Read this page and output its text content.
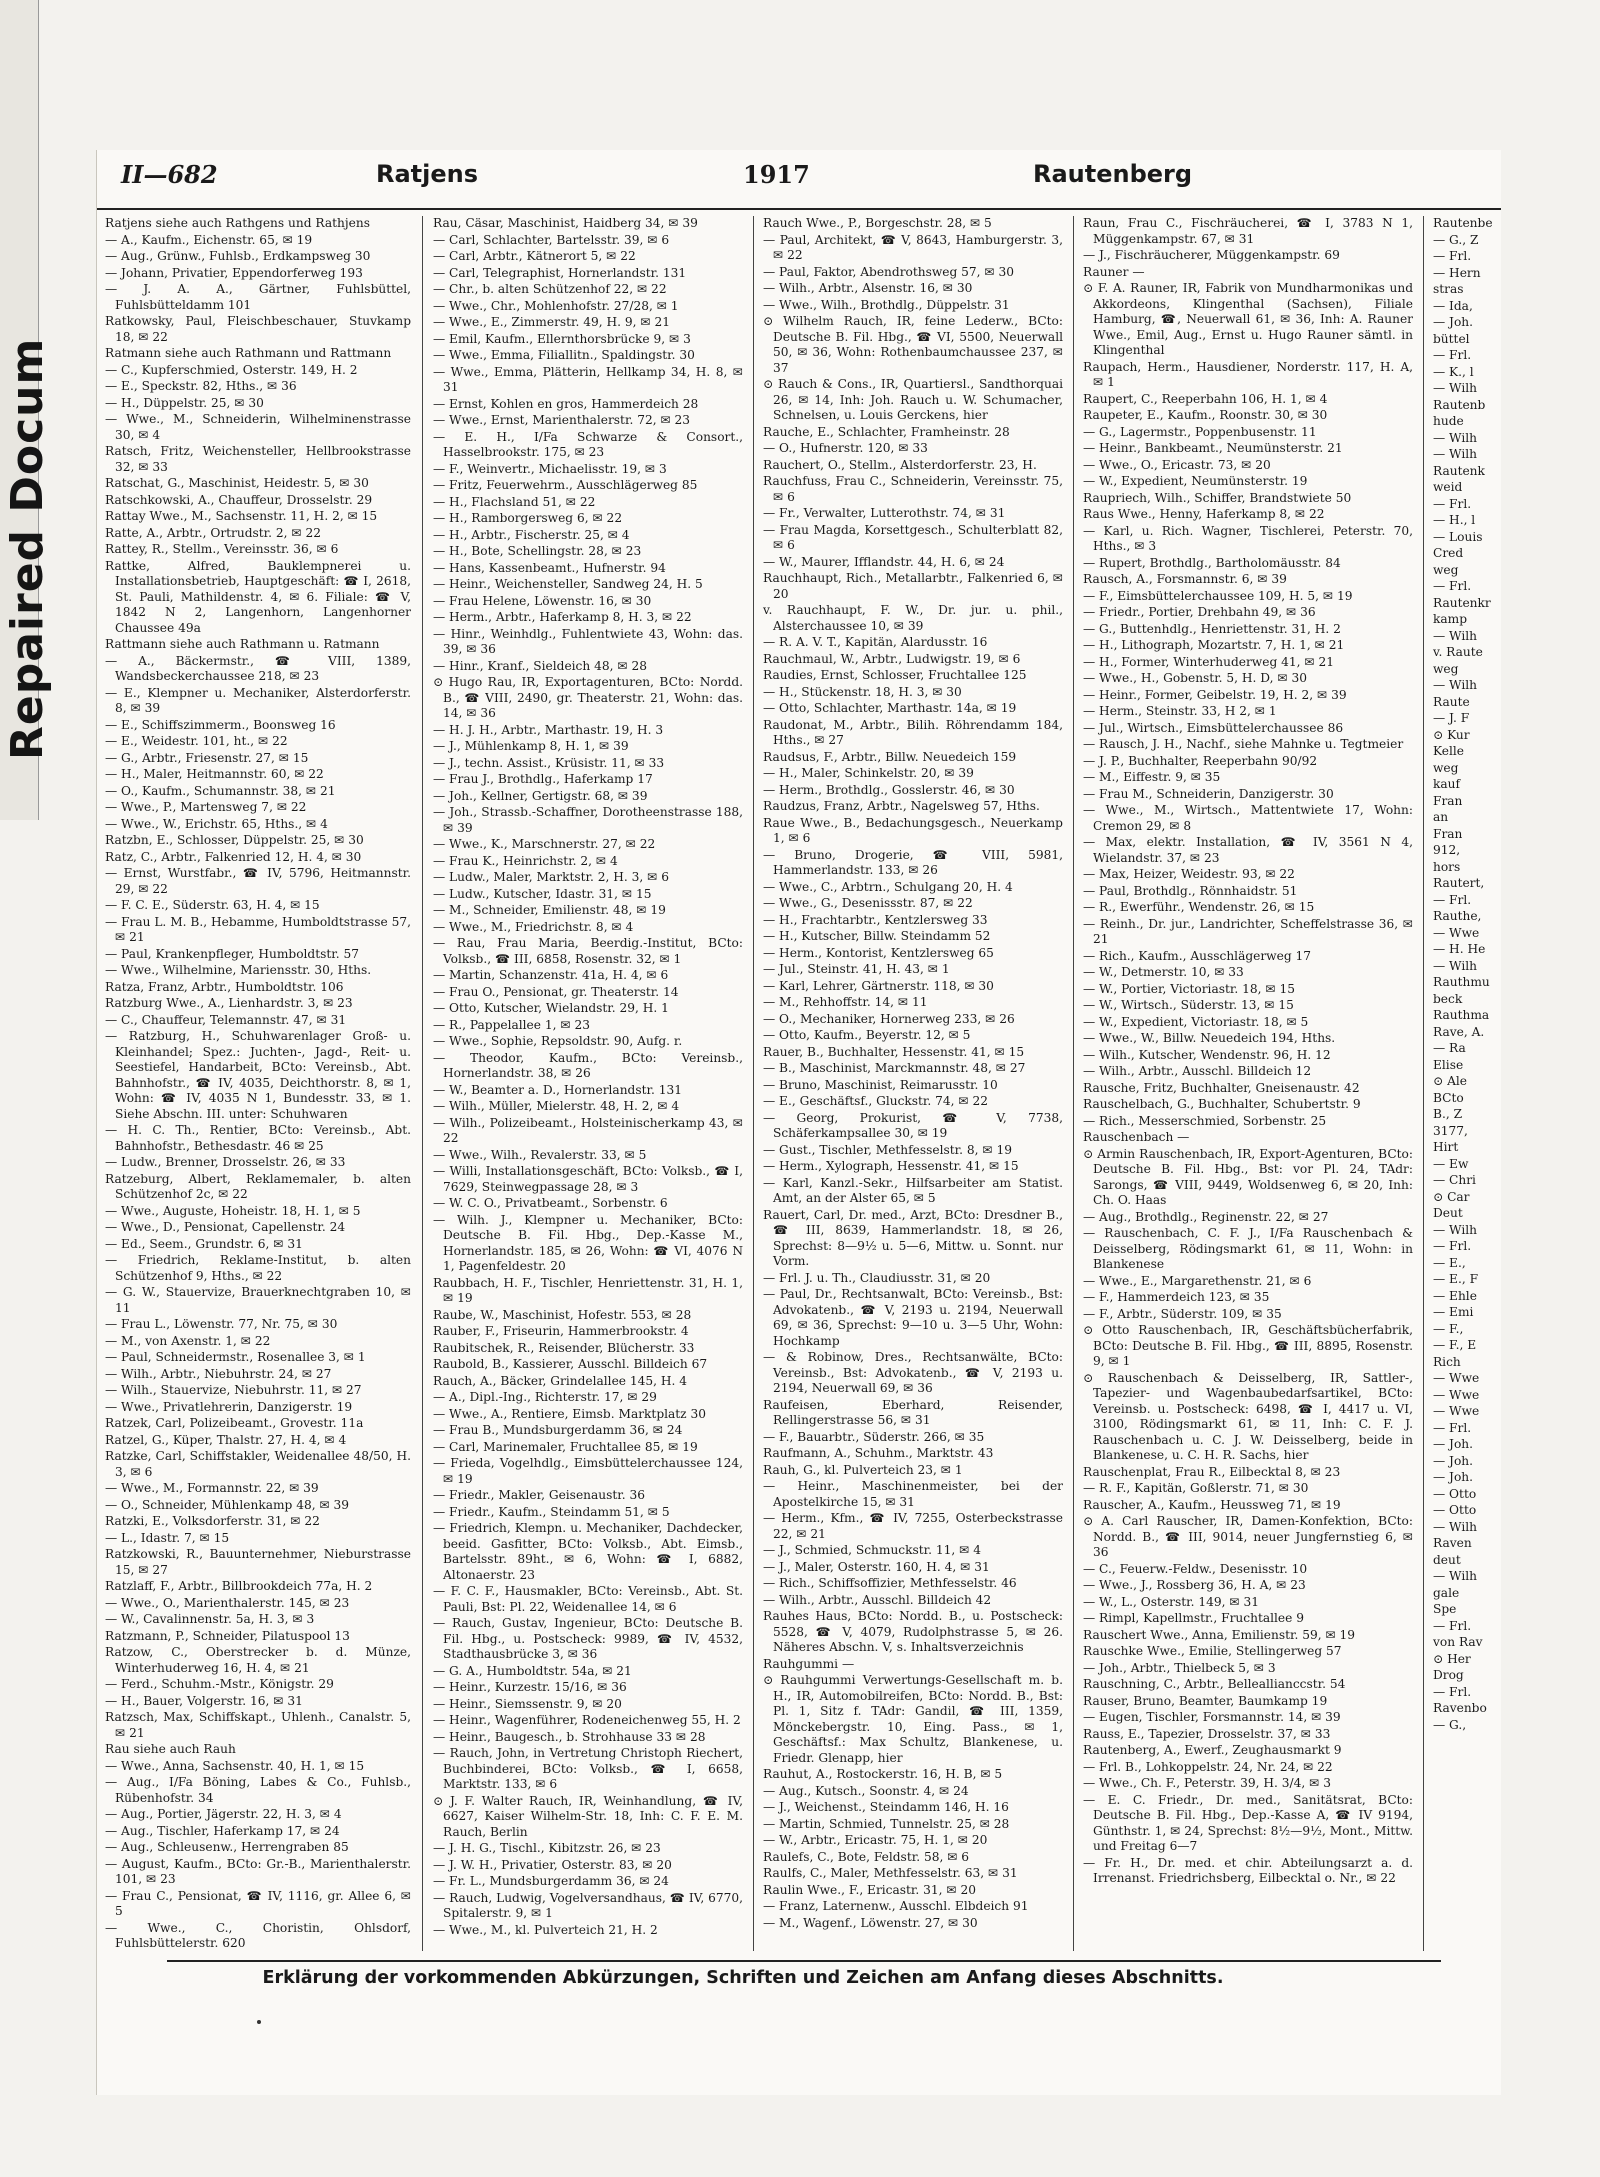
Repaired Docum
II—682	Ratjens	1917	Rautenberg
Ratjens siehe auch Rathgens und Rathjens
— A., Kaufm., Eichenstr. 65, ✉ 19
— Aug., Grünw., Fuhlsb., Erdkampsweg 30
— Johann, Privatier, Eppendorferweg 193
— J. A. A., Gärtner, Fuhlsbüttel, Fuhlsbütteldamm 101
Ratkowsky, Paul, Fleischbeschauer, Stuvkamp 18, ✉ 22
Ratmann siehe auch Rathmann und Rattmann
— C., Kupferschmied, Osterstr. 149, H. 2
— E., Speckstr. 82, Hths., ✉ 36
— H., Düppelstr. 25, ✉ 30
— Wwe., M., Schneiderin, Wilhelminenstrasse 30, ✉ 4
Ratsch, Fritz, Weichensteller, Hellbrookstrasse 32, ✉ 33
Ratschat, G., Maschinist, Heidestr. 5, ✉ 30
Ratschkowski, A., Chauffeur, Drosselstr. 29
Rattay Wwe., M., Sachsenstr. 11, H. 2, ✉ 15
Ratte, A., Arbtr., Ortrudstr. 2, ✉ 22
Rattey, R., Stellm., Vereinsstr. 36, ✉ 6
Rattke, Alfred, Bauklempnerei u. Installationsbetrieb, Hauptgeschäft: ☎ I, 2618, St. Pauli, Mathildenstr. 4, ✉ 6. Filiale: ☎ V, 1842 N 2, Langenhorn, Langenhorner Chaussee 49a
Rattmann siehe auch Rathmann u. Ratmann
— A., Bäckermstr., ☎ VIII, 1389, Wandsbeckerchaussee 218, ✉ 23
— E., Klempner u. Mechaniker, Alsterdorferstr. 8, ✉ 39
— E., Schiffszimmerm., Boonsweg 16
— E., Weidestr. 101, ht., ✉ 22
— G., Arbtr., Friesenstr. 27, ✉ 15
— H., Maler, Heitmannstr. 60, ✉ 22
— O., Kaufm., Schumannstr. 38, ✉ 21
— Wwe., P., Martensweg 7, ✉ 22
— Wwe., W., Erichstr. 65, Hths., ✉ 4
Ratzbn, E., Schlosser, Düppelstr. 25, ✉ 30
Ratz, C., Arbtr., Falkenried 12, H. 4, ✉ 30
— Ernst, Wurstfabr., ☎ IV, 5796, Heitmannstr. 29, ✉ 22
— F. C. E., Süderstr. 63, H. 4, ✉ 15
— Frau L. M. B., Hebamme, Humboldtstrasse 57, ✉ 21
— Paul, Krankenpfleger, Humboldtstr. 57
— Wwe., Wilhelmine, Mariensstr. 30, Hths.
Ratza, Franz, Arbtr., Humboldtstr. 106
Ratzburg Wwe., A., Lienhardstr. 3, ✉ 23
— C., Chauffeur, Telemannstr. 47, ✉ 31
— Ratzburg, H., Schuhwarenlager Groß- u. Kleinhandel; Spez.: Juchten-, Jagd-, Reit- u. Seestiefel, Handarbeit, BCto: Vereinsb., Abt. Bahnhofstr., ☎ IV, 4035, Deichthorstr. 8, ✉ 1, Wohn: ☎ IV, 4035 N 1, Bundesstr. 33, ✉ 1. Siehe Abschn. III. unter: Schuhwaren
— H. C. Th., Rentier, BCto: Vereinsb., Abt. Bahnhofstr., Bethesdastr. 46 ✉ 25
— Ludw., Brenner, Drosselstr. 26, ✉ 33
Ratzeburg, Albert, Reklamemaler, b. alten Schützenhof 2c, ✉ 22
— Wwe., Auguste, Hoheistr. 18, H. 1, ✉ 5
— Wwe., D., Pensionat, Capellenstr. 24
— Ed., Seem., Grundstr. 6, ✉ 31
— Friedrich, Reklame-Institut, b. alten Schützenhof 9, Hths., ✉ 22
— G. W., Stauervize, Brauerknechtgraben 10, ✉ 11
— Frau L., Löwenstr. 77, Nr. 75, ✉ 30
— M., von Axenstr. 1, ✉ 22
— Paul, Schneidermstr., Rosenallee 3, ✉ 1
— Wilh., Arbtr., Niebuhrstr. 24, ✉ 27
— Wilh., Stauervize, Niebuhrstr. 11, ✉ 27
— Wwe., Privatlehrerin, Danzigerstr. 19
Ratzek, Carl, Polizeibeamt., Grovestr. 11a
Ratzel, G., Küper, Thalstr. 27, H. 4, ✉ 4
Ratzke, Carl, Schiffstakler, Weidenallee 48/50, H. 3, ✉ 6
— Wwe., M., Formannstr. 22, ✉ 39
— O., Schneider, Mühlenkamp 48, ✉ 39
Ratzki, E., Volksdorferstr. 31, ✉ 22
— L., Idastr. 7, ✉ 15
Ratzkowski, R., Bauunternehmer, Nieburstrasse 15, ✉ 27
Ratzlaff, F., Arbtr., Billbrookdeich 77a, H. 2
— Wwe., O., Marienthalerstr. 145, ✉ 23
— W., Cavalinnenstr. 5a, H. 3, ✉ 3
Ratzmann, P., Schneider, Pilatuspool 13
Ratzow, C., Oberstrecker b. d. Münze, Winterhuderweg 16, H. 4, ✉ 21
— Ferd., Schuhm.-Mstr., Königstr. 29
— H., Bauer, Volgerstr. 16, ✉ 31
Ratzsch, Max, Schiffskapt., Uhlenh., Canalstr. 5, ✉ 21
Rau siehe auch Rauh
— Wwe., Anna, Sachsenstr. 40, H. 1, ✉ 15
— Aug., I/Fa Böning, Labes & Co., Fuhlsb., Rübenhofstr. 34
— Aug., Portier, Jägerstr. 22, H. 3, ✉ 4
— Aug., Tischler, Haferkamp 17, ✉ 24
— Aug., Schleusenw., Herrengraben 85
— August, Kaufm., BCto: Gr.-B., Marienthalerstr. 101, ✉ 23
— Frau C., Pensionat, ☎ IV, 1116, gr. Allee 6, ✉ 5
— Wwe., C., Choristin, Ohlsdorf, Fuhlsbüttelerstr. 620
Rau, Cäsar, Maschinist, Haidberg 34, ✉ 39
— Carl, Schlachter, Bartelsstr. 39, ✉ 6
— Carl, Arbtr., Kätnerort 5, ✉ 22
— Carl, Telegraphist, Hornerlandstr. 131
— Chr., b. alten Schützenhof 22, ✉ 22
— Wwe., Chr., Mohlenhofstr. 27/28, ✉ 1
— Wwe., E., Zimmerstr. 49, H. 9, ✉ 21
— Emil, Kaufm., Ellernthorsbrücke 9, ✉ 3
— Wwe., Emma, Filiallitn., Spaldingstr. 30
— Wwe., Emma, Plätterin, Hellkamp 34, H. 8, ✉ 31
— Ernst, Kohlen en gros, Hammerdeich 28
— Wwe., Ernst, Marienthalerstr. 72, ✉ 23
— E. H., I/Fa Schwarze & Consort., Hasselbrookstr. 175, ✉ 23
— F., Weinvertr., Michaelisstr. 19, ✉ 3
— Fritz, Feuerwehrm., Ausschlägerweg 85
— H., Flachsland 51, ✉ 22
— H., Ramborgersweg 6, ✉ 22
— H., Arbtr., Fischerstr. 25, ✉ 4
— H., Bote, Schellingstr. 28, ✉ 23
— Hans, Kassenbeamt., Hufnerstr. 94
— Heinr., Weichensteller, Sandweg 24, H. 5
— Frau Helene, Löwenstr. 16, ✉ 30
— Herm., Arbtr., Haferkamp 8, H. 3, ✉ 22
— Hinr., Weinhdlg., Fuhlentwiete 43, Wohn: das. 39, ✉ 36
— Hinr., Kranf., Sieldeich 48, ✉ 28
⊙ Hugo Rau, IR, Exportagenturen, BCto: Nordd. B., ☎ VIII, 2490, gr. Theaterstr. 21, Wohn: das. 14, ✉ 36
— H. J. H., Arbtr., Marthastr. 19, H. 3
— J., Mühlenkamp 8, H. 1, ✉ 39
— J., techn. Assist., Krüsistr. 11, ✉ 33
— Frau J., Brothdlg., Haferkamp 17
— Joh., Kellner, Gertigstr. 68, ✉ 39
— Joh., Strassb.-Schaffner, Dorotheenstrasse 188, ✉ 39
— Wwe., K., Marschnerstr. 27, ✉ 22
— Frau K., Heinrichstr. 2, ✉ 4
— Ludw., Maler, Marktstr. 2, H. 3, ✉ 6
— Ludw., Kutscher, Idastr. 31, ✉ 15
— M., Schneider, Emilienstr. 48, ✉ 19
— Wwe., M., Friedrichstr. 8, ✉ 4
— Rau, Frau Maria, Beerdig.-Institut, BCto: Volksb., ☎ III, 6858, Rosenstr. 32, ✉ 1
— Martin, Schanzenstr. 41a, H. 4, ✉ 6
— Frau O., Pensionat, gr. Theaterstr. 14
— Otto, Kutscher, Wielandstr. 29, H. 1
— R., Pappelallee 1, ✉ 23
— Wwe., Sophie, Repsoldstr. 90, Aufg. r.
— Theodor, Kaufm., BCto: Vereinsb., Hornerlandstr. 38, ✉ 26
— W., Beamter a. D., Hornerlandstr. 131
— Wilh., Müller, Mielerstr. 48, H. 2, ✉ 4
— Wilh., Polizeibeamt., Holsteinischerkamp 43, ✉ 22
— Wwe., Wilh., Revalerstr. 33, ✉ 5
— Willi, Installationsgeschäft, BCto: Volksb., ☎ I, 7629, Steinwegpassage 28, ✉ 3
— W. C. O., Privatbeamt., Sorbenstr. 6
— Wilh. J., Klempner u. Mechaniker, BCto: Deutsche B. Fil. Hbg., Dep.-Kasse M., Hornerlandstr. 185, ✉ 26, Wohn: ☎ VI, 4076 N 1, Pagenfeldestr. 20
Raubbach, H. F., Tischler, Henriettenstr. 31, H. 1, ✉ 19
Raube, W., Maschinist, Hofestr. 553, ✉ 28
Rauber, F., Friseurin, Hammerbrookstr. 4
Raubitschek, R., Reisender, Blücherstr. 33
Raubold, B., Kassierer, Ausschl. Billdeich 67
Rauch, A., Bäcker, Grindelallee 145, H. 4
— A., Dipl.-Ing., Richterstr. 17, ✉ 29
— Wwe., A., Rentiere, Eimsb. Marktplatz 30
— Frau B., Mundsburgerdamm 36, ✉ 24
— Carl, Marinemaler, Fruchtallee 85, ✉ 19
— Frieda, Vogelhdlg., Eimsbüttelerchaussee 124, ✉ 19
— Friedr., Makler, Geisenaustr. 36
— Friedr., Kaufm., Steindamm 51, ✉ 5
— Friedrich, Klempn. u. Mechaniker, Dachdecker, beeid. Gasfitter, BCto: Volksb., Abt. Eimsb., Bartelsstr. 89ht., ✉ 6, Wohn: ☎ I, 6882, Altonaerstr. 23
— F. C. F., Hausmakler, BCto: Vereinsb., Abt. St. Pauli, Bst: Pl. 22, Weidenallee 14, ✉ 6
— Rauch, Gustav, Ingenieur, BCto: Deutsche B. Fil. Hbg., u. Postscheck: 9989, ☎ IV, 4532, Stadthausbrücke 3, ✉ 36
— G. A., Humboldtstr. 54a, ✉ 21
— Heinr., Kurzestr. 15/16, ✉ 36
— Heinr., Siemssenstr. 9, ✉ 20
— Heinr., Wagenführer, Rodeneichenweg 55, H. 2
— Heinr., Baugesch., b. Strohhause 33 ✉ 28
— Rauch, John, in Vertretung Christoph Riechert, Buchbinderei, BCto: Volksb., ☎ I, 6658, Marktstr. 133, ✉ 6
⊙ J. F. Walter Rauch, IR, Weinhandlung, ☎ IV, 6627, Kaiser Wilhelm-Str. 18, Inh: C. F. E. M. Rauch, Berlin
— J. H. G., Tischl., Kibitzstr. 26, ✉ 23
— J. W. H., Privatier, Osterstr. 83, ✉ 20
— Fr. L., Mundsburgerdamm 36, ✉ 24
— Rauch, Ludwig, Vogelversandhaus, ☎ IV, 6770, Spitalerstr. 9, ✉ 1
— Wwe., M., kl. Pulverteich 21, H. 2
Rauch Wwe., P., Borgeschstr. 28, ✉ 5
— Paul, Architekt, ☎ V, 8643, Hamburgerstr. 3, ✉ 22
— Paul, Faktor, Abendrothsweg 57, ✉ 30
— Wilh., Arbtr., Alsenstr. 16, ✉ 30
— Wwe., Wilh., Brothdlg., Düppelstr. 31
⊙ Wilhelm Rauch, IR, feine Lederw., BCto: Deutsche B. Fil. Hbg., ☎ VI, 5500, Neuerwall 50, ✉ 36, Wohn: Rothenbaumchaussee 237, ✉ 37
⊙ Rauch & Cons., IR, Quartiersl., Sandthorquai 26, ✉ 14, Inh: Joh. Rauch u. W. Schumacher, Schnelsen, u. Louis Gerckens, hier
Rauche, E., Schlachter, Framheinstr. 28
— O., Hufnerstr. 120, ✉ 33
Rauchert, O., Stellm., Alsterdorferstr. 23, H.
Rauchfuss, Frau C., Schneiderin, Vereinsstr. 75, ✉ 6
— Fr., Verwalter, Lutterothstr. 74, ✉ 31
— Frau Magda, Korsettgesch., Schulterblatt 82, ✉ 6
— W., Maurer, Ifflandstr. 44, H. 6, ✉ 24
Rauchhaupt, Rich., Metallarbtr., Falkenried 6, ✉ 20
v. Rauchhaupt, F. W., Dr. jur. u. phil., Alsterchaussee 10, ✉ 39
— R. A. V. T., Kapitän, Alardusstr. 16
Rauchmaul, W., Arbtr., Ludwigstr. 19, ✉ 6
Raudies, Ernst, Schlosser, Fruchtallee 125
— H., Stückenstr. 18, H. 3, ✉ 30
— Otto, Schlachter, Marthastr. 14a, ✉ 19
Raudonat, M., Arbtr., Bilih. Röhrendamm 184, Hths., ✉ 27
Raudsus, F., Arbtr., Billw. Neuedeich 159
— H., Maler, Schinkelstr. 20, ✉ 39
— Herm., Brothdlg., Gosslerstr. 46, ✉ 30
Raudzus, Franz, Arbtr., Nagelsweg 57, Hths.
Raue Wwe., B., Bedachungsgesch., Neuerkamp 1, ✉ 6
— Bruno, Drogerie, ☎ VIII, 5981, Hammerlandstr. 133, ✉ 26
— Wwe., C., Arbtrn., Schulgang 20, H. 4
— Wwe., G., Desenissstr. 87, ✉ 22
— H., Frachtarbtr., Kentzlersweg 33
— H., Kutscher, Billw. Steindamm 52
— Herm., Kontorist, Kentzlersweg 65
— Jul., Steinstr. 41, H. 43, ✉ 1
— Karl, Lehrer, Gärtnerstr. 118, ✉ 30
— M., Rehhoffstr. 14, ✉ 11
— O., Mechaniker, Hornerweg 233, ✉ 26
— Otto, Kaufm., Beyerstr. 12, ✉ 5
Rauer, B., Buchhalter, Hessenstr. 41, ✉ 15
— B., Maschinist, Marckmannstr. 48, ✉ 27
— Bruno, Maschinist, Reimarusstr. 10
— E., Geschäftsf., Gluckstr. 74, ✉ 22
— Georg, Prokurist, ☎ V, 7738, Schäferkampsallee 30, ✉ 19
— Gust., Tischler, Methfesselstr. 8, ✉ 19
— Herm., Xylograph, Hessenstr. 41, ✉ 15
— Karl, Kanzl.-Sekr., Hilfsarbeiter am Statist. Amt, an der Alster 65, ✉ 5
Rauert, Carl, Dr. med., Arzt, BCto: Dresdner B., ☎ III, 8639, Hammerlandstr. 18, ✉ 26, Sprechst: 8—9½ u. 5—6, Mittw. u. Sonnt. nur Vorm.
— Frl. J. u. Th., Claudiusstr. 31, ✉ 20
— Paul, Dr., Rechtsanwalt, BCto: Vereinsb., Bst: Advokatenb., ☎ V, 2193 u. 2194, Neuerwall 69, ✉ 36, Sprechst: 9—10 u. 3—5 Uhr, Wohn: Hochkamp
— & Robinow, Dres., Rechtsanwälte, BCto: Vereinsb., Bst: Advokatenb., ☎ V, 2193 u. 2194, Neuerwall 69, ✉ 36
Raufeisen, Eberhard, Reisender, Rellingerstrasse 56, ✉ 31
— F., Bauarbtr., Süderstr. 266, ✉ 35
Raufmann, A., Schuhm., Marktstr. 43
Rauh, G., kl. Pulverteich 23, ✉ 1
— Heinr., Maschinenmeister, bei der Apostelkirche 15, ✉ 31
— Herm., Kfm., ☎ IV, 7255, Osterbeckstrasse 22, ✉ 21
— J., Schmied, Schmuckstr. 11, ✉ 4
— J., Maler, Osterstr. 160, H. 4, ✉ 31
— Rich., Schiffsoffizier, Methfesselstr. 46
— Wilh., Arbtr., Ausschl. Billdeich 42
Rauhes Haus, BCto: Nordd. B., u. Postscheck: 5528, ☎ V, 4079, Rudolphstrasse 5, ✉ 26. Näheres Abschn. V, s. Inhaltsverzeichnis
Rauhgummi —
⊙ Rauhgummi Verwertungs-Gesellschaft m. b. H., IR, Automobilreifen, BCto: Nordd. B., Bst: Pl. 1, Sitz f. TAdr: Gandil, ☎ III, 1359, Mönckebergstr. 10, Eing. Pass., ✉ 1, Geschäftsf.: Max Schultz, Blankenese, u. Friedr. Glenapp, hier
Rauhut, A., Rostockerstr. 16, H. B, ✉ 5
— Aug., Kutsch., Soonstr. 4, ✉ 24
— J., Weichenst., Steindamm 146, H. 16
— Martin, Schmied, Tunnelstr. 25, ✉ 28
— W., Arbtr., Ericastr. 75, H. 1, ✉ 20
Raulefs, C., Bote, Feldstr. 58, ✉ 6
Raulfs, C., Maler, Methfesselstr. 63, ✉ 31
Raulin Wwe., F., Ericastr. 31, ✉ 20
— Franz, Laternenw., Ausschl. Elbdeich 91
— M., Wagenf., Löwenstr. 27, ✉ 30
Raun, Frau C., Fischräucherei, ☎ I, 3783 N 1, Müggenkampstr. 67, ✉ 31
— J., Fischräucherer, Müggenkampstr. 69
Rauner —
⊙ F. A. Rauner, IR, Fabrik von Mundharmonikas und Akkordeons, Klingenthal (Sachsen), Filiale Hamburg, ☎, Neuerwall 61, ✉ 36, Inh: A. Rauner Wwe., Emil, Aug., Ernst u. Hugo Rauner sämtl. in Klingenthal
Raupach, Herm., Hausdiener, Norderstr. 117, H. A, ✉ 1
Raupert, C., Reeperbahn 106, H. 1, ✉ 4
Raupeter, E., Kaufm., Roonstr. 30, ✉ 30
— G., Lagermstr., Poppenbusenstr. 11
— Heinr., Bankbeamt., Neumünsterstr. 21
— Wwe., O., Ericastr. 73, ✉ 20
— W., Expedient, Neumünsterstr. 19
Raupriech, Wilh., Schiffer, Brandstwiete 50
Raus Wwe., Henny, Haferkamp 8, ✉ 22
— Karl, u. Rich. Wagner, Tischlerei, Peterstr. 70, Hths., ✉ 3
— Rupert, Brothdlg., Bartholomäusstr. 84
Rausch, A., Forsmannstr. 6, ✉ 39
— F., Eimsbüttelerchaussee 109, H. 5, ✉ 19
— Friedr., Portier, Drehbahn 49, ✉ 36
— G., Buttenhdlg., Henriettenstr. 31, H. 2
— H., Lithograph, Mozartstr. 7, H. 1, ✉ 21
— H., Former, Winterhuderweg 41, ✉ 21
— Wwe., H., Gobenstr. 5, H. D, ✉ 30
— Heinr., Former, Geibelstr. 19, H. 2, ✉ 39
— Herm., Steinstr. 33, H 2, ✉ 1
— Jul., Wirtsch., Eimsbüttelerchaussee 86
— Rausch, J. H., Nachf., siehe Mahnke u. Tegtmeier
— J. P., Buchhalter, Reeperbahn 90/92
— M., Eiffestr. 9, ✉ 35
— Frau M., Schneiderin, Danzigerstr. 30
— Wwe., M., Wirtsch., Mattentwiete 17, Wohn: Cremon 29, ✉ 8
— Max, elektr. Installation, ☎ IV, 3561 N 4, Wielandstr. 37, ✉ 23
— Max, Heizer, Weidestr. 93, ✉ 22
— Paul, Brothdlg., Rönnhaidstr. 51
— R., Ewerführ., Wendenstr. 26, ✉ 15
— Reinh., Dr. jur., Landrichter, Scheffelstrasse 36, ✉ 21
— Rich., Kaufm., Ausschlägerweg 17
— W., Detmerstr. 10, ✉ 33
— W., Portier, Victoriastr. 18, ✉ 15
— W., Wirtsch., Süderstr. 13, ✉ 15
— W., Expedient, Victoriastr. 18, ✉ 5
— Wwe., W., Billw. Neuedeich 194, Hths.
— Wilh., Kutscher, Wendenstr. 96, H. 12
— Wilh., Arbtr., Ausschl. Billdeich 12
Rausche, Fritz, Buchhalter, Gneisenaustr. 42
Rauschelbach, G., Buchhalter, Schubertstr. 9
— Rich., Messerschmied, Sorbenstr. 25
Rauschenbach —
⊙ Armin Rauschenbach, IR, Export-Agenturen, BCto: Deutsche B. Fil. Hbg., Bst: vor Pl. 24, TAdr: Sarongs, ☎ VIII, 9449, Woldsenweg 6, ✉ 20, Inh: Ch. O. Haas
— Aug., Brothdlg., Reginenstr. 22, ✉ 27
— Rauschenbach, C. F. J., I/Fa Rauschenbach & Deisselberg, Rödingsmarkt 61, ✉ 11, Wohn: in Blankenese
— Wwe., E., Margarethenstr. 21, ✉ 6
— F., Hammerdeich 123, ✉ 35
— F., Arbtr., Süderstr. 109, ✉ 35
⊙ Otto Rauschenbach, IR, Geschäftsbücherfabrik, BCto: Deutsche B. Fil. Hbg., ☎ III, 8895, Rosenstr. 9, ✉ 1
⊙ Rauschenbach & Deisselberg, IR, Sattler-, Tapezier- und Wagenbaubedarfsartikel, BCto: Vereinsb. u. Postscheck: 6498, ☎ I, 4417 u. VI, 3100, Rödingsmarkt 61, ✉ 11, Inh: C. F. J. Rauschenbach u. C. J. W. Deisselberg, beide in Blankenese, u. C. H. R. Sachs, hier
Rauschenplat, Frau R., Eilbecktal 8, ✉ 23
— R. F., Kapitän, Goßlerstr. 71, ✉ 30
Rauscher, A., Kaufm., Heussweg 71, ✉ 19
⊙ A. Carl Rauscher, IR, Damen-Konfektion, BCto: Nordd. B., ☎ III, 9014, neuer Jungfernstieg 6, ✉ 36
— C., Feuerw.-Feldw., Desenisstr. 10
— Wwe., J., Rossberg 36, H. A, ✉ 23
— W., L., Osterstr. 149, ✉ 31
— Rimpl, Kapellmstr., Fruchtallee 9
Rauschert Wwe., Anna, Emilienstr. 59, ✉ 19
Rauschke Wwe., Emilie, Stellingerweg 57
— Joh., Arbtr., Thielbeck 5, ✉ 3
Rauschning, C., Arbtr., Belleallianccstr. 54
Rauser, Bruno, Beamter, Baumkamp 19
— Eugen, Tischler, Forsmannstr. 14, ✉ 39
Rauss, E., Tapezier, Drosselstr. 37, ✉ 33
Rautenberg, A., Ewerf., Zeughausmarkt 9
— Frl. B., Lohkoppelstr. 24, Nr. 24, ✉ 22
— Wwe., Ch. F., Peterstr. 39, H. 3/4, ✉ 3
— E. C. Friedr., Dr. med., Sanitätsrat, BCto: Deutsche B. Fil. Hbg., Dep.-Kasse A, ☎ IV 9194, Günthstr. 1, ✉ 24, Sprechst: 8½—9½, Mont., Mittw. und Freitag 6—7
— Fr. H., Dr. med. et chir. Abteilungsarzt a. d. Irrenanst. Friedrichsberg, Eilbecktal o. Nr., ✉ 22
Rautenbe
— G., Z
— Frl.
— Hern
stras
— Ida,
— Joh.
büttel
— Frl.
— K., l
— Wilh
Rautenb
hude
— Wilh
— Wilh
Rautenk
weid
— Frl.
— H., l
— Louis
Cred
weg
— Frl.
Rautenkr
kamp
— Wilh
v. Raute
weg
— Wilh
Raute
— J. F
⊙ Kur
Kelle
weg
kauf
Fran
an
Fran
912,
hors
Rautert,
— Frl.
Rauthe,
— Wwe
— H. He
— Wilh
Rauthmu
beck
Rauthma
Rave, A.
— Ra
Elise
⊙ Ale
BCto
B., Z
3177,
Hirt
— Ew
— Chri
⊙ Car
Deut
— Wilh
— Frl.
— E.,
— E., F
— Ehle
— Emi
— F.,
— F., E
Rich
— Wwe
— Wwe
— Wwe
— Frl.
— Joh.
— Joh.
— Joh.
— Otto
— Otto
— Wilh
Raven
deut
— Wilh
gale
Spe
— Frl.
von Rav
⊙ Her
Drog
— Frl.
Ravenbo
— G.,
Erklärung der vorkommenden Abkürzungen, Schriften und Zeichen am Anfang dieses Abschnitts.
